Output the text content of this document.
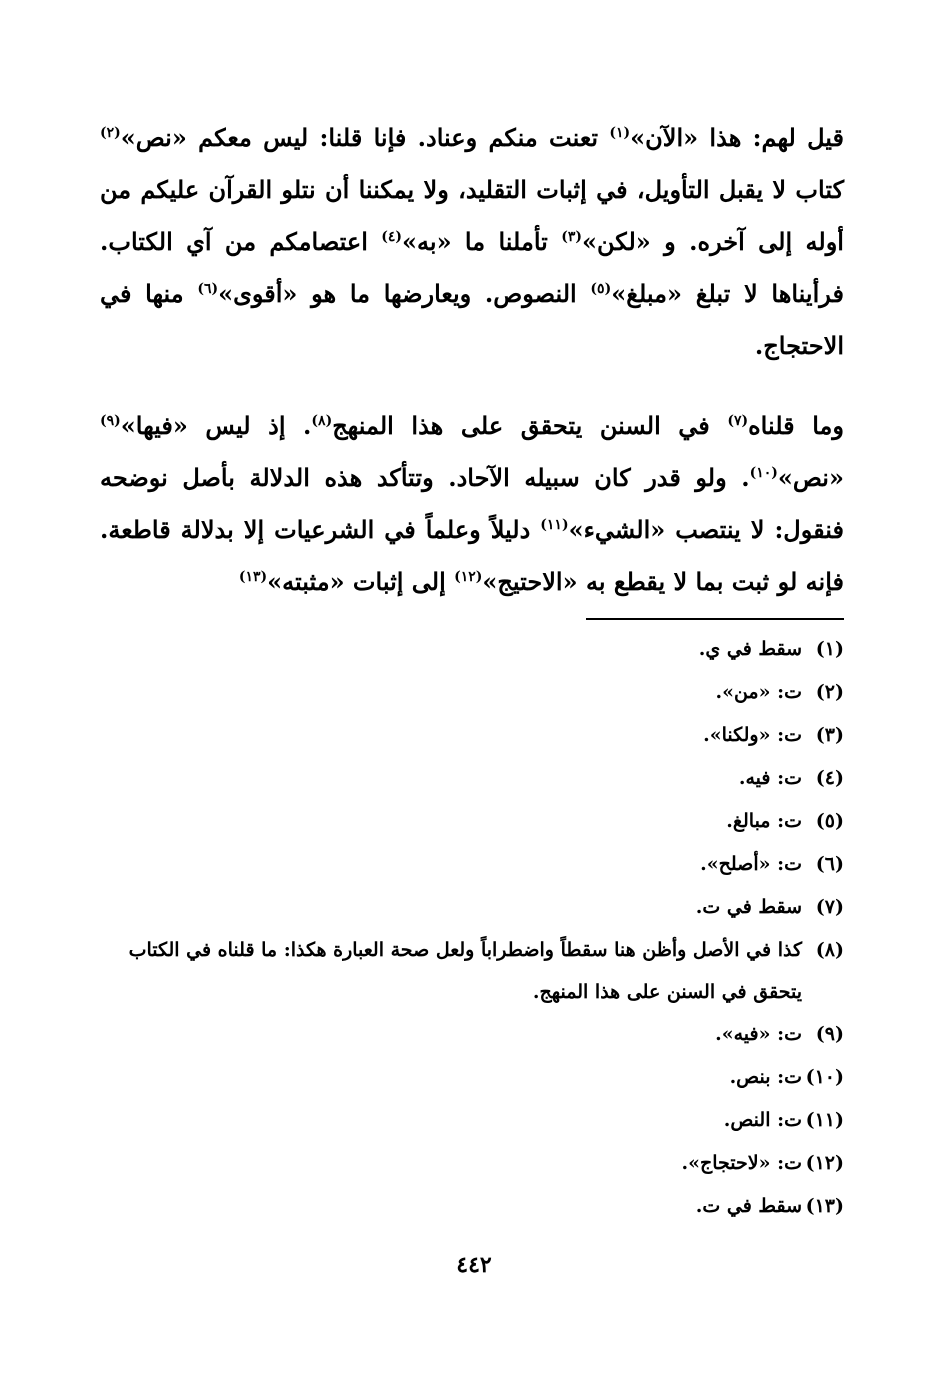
قيل لهم: هذا «الآن»$^{(١)}$ تعنت منكم وعناد. فإنا قلنا: ليس معكم «نص»$^{(٢)}$ كتاب لا يقبل التأويل، في إثبات التقليد، ولا يمكننا أن نتلو القرآن عليكم من أوله إلى آخره. و «لكن»$^{(٣)}$ تأملنا ما «به»$^{(٤)}$ اعتصامكم من آي الكتاب. فرأيناها لا تبلغ «مبلغ»$^{(٥)}$ النصوص. ويعارضها ما هو «أقوى»$^{(٦)}$ منها في الاحتجاج.

وما قلناه$^{(٧)}$ في السنن يتحقق على هذا المنهج$^{(٨)}$. إذ ليس «فيها»$^{(٩)}$ «نص»$^{(١٠)}$. ولو قدر كان سبيله الآحاد. وتتأكد هذه الدلالة بأصل نوضحه فنقول: لا ينتصب «الشيء»$^{(١١)}$ دليلاً وعلماً في الشرعيات إلا بدلالة قاطعة. فإنه لو ثبت بما لا يقطع به «الاحتيج»$^{(١٢)}$ إلى إثبات «مثبته»$^{(١٣)}$

(١)
سقط في ي.
(٢)
ت: «من».
(٣)
ت: «ولكنا».
(٤)
ت: فيه.
(٥)
ت: مبالغ.
(٦)
ت: «أصلح».
(٧)
سقط في ت.
(٨)
كذا في الأصل وأظن هنا سقطاً واضطراباً ولعل صحة العبارة هكذا: ما قلناه في الكتاب يتحقق في السنن على هذا المنهج.
(٩)
ت: «فيه».
(١٠)
ت: بنص.
(١١)
ت: النص.
(١٢)
ت: «لاحتجاج».
(١٣)
سقط في ت.
٤٤٢
